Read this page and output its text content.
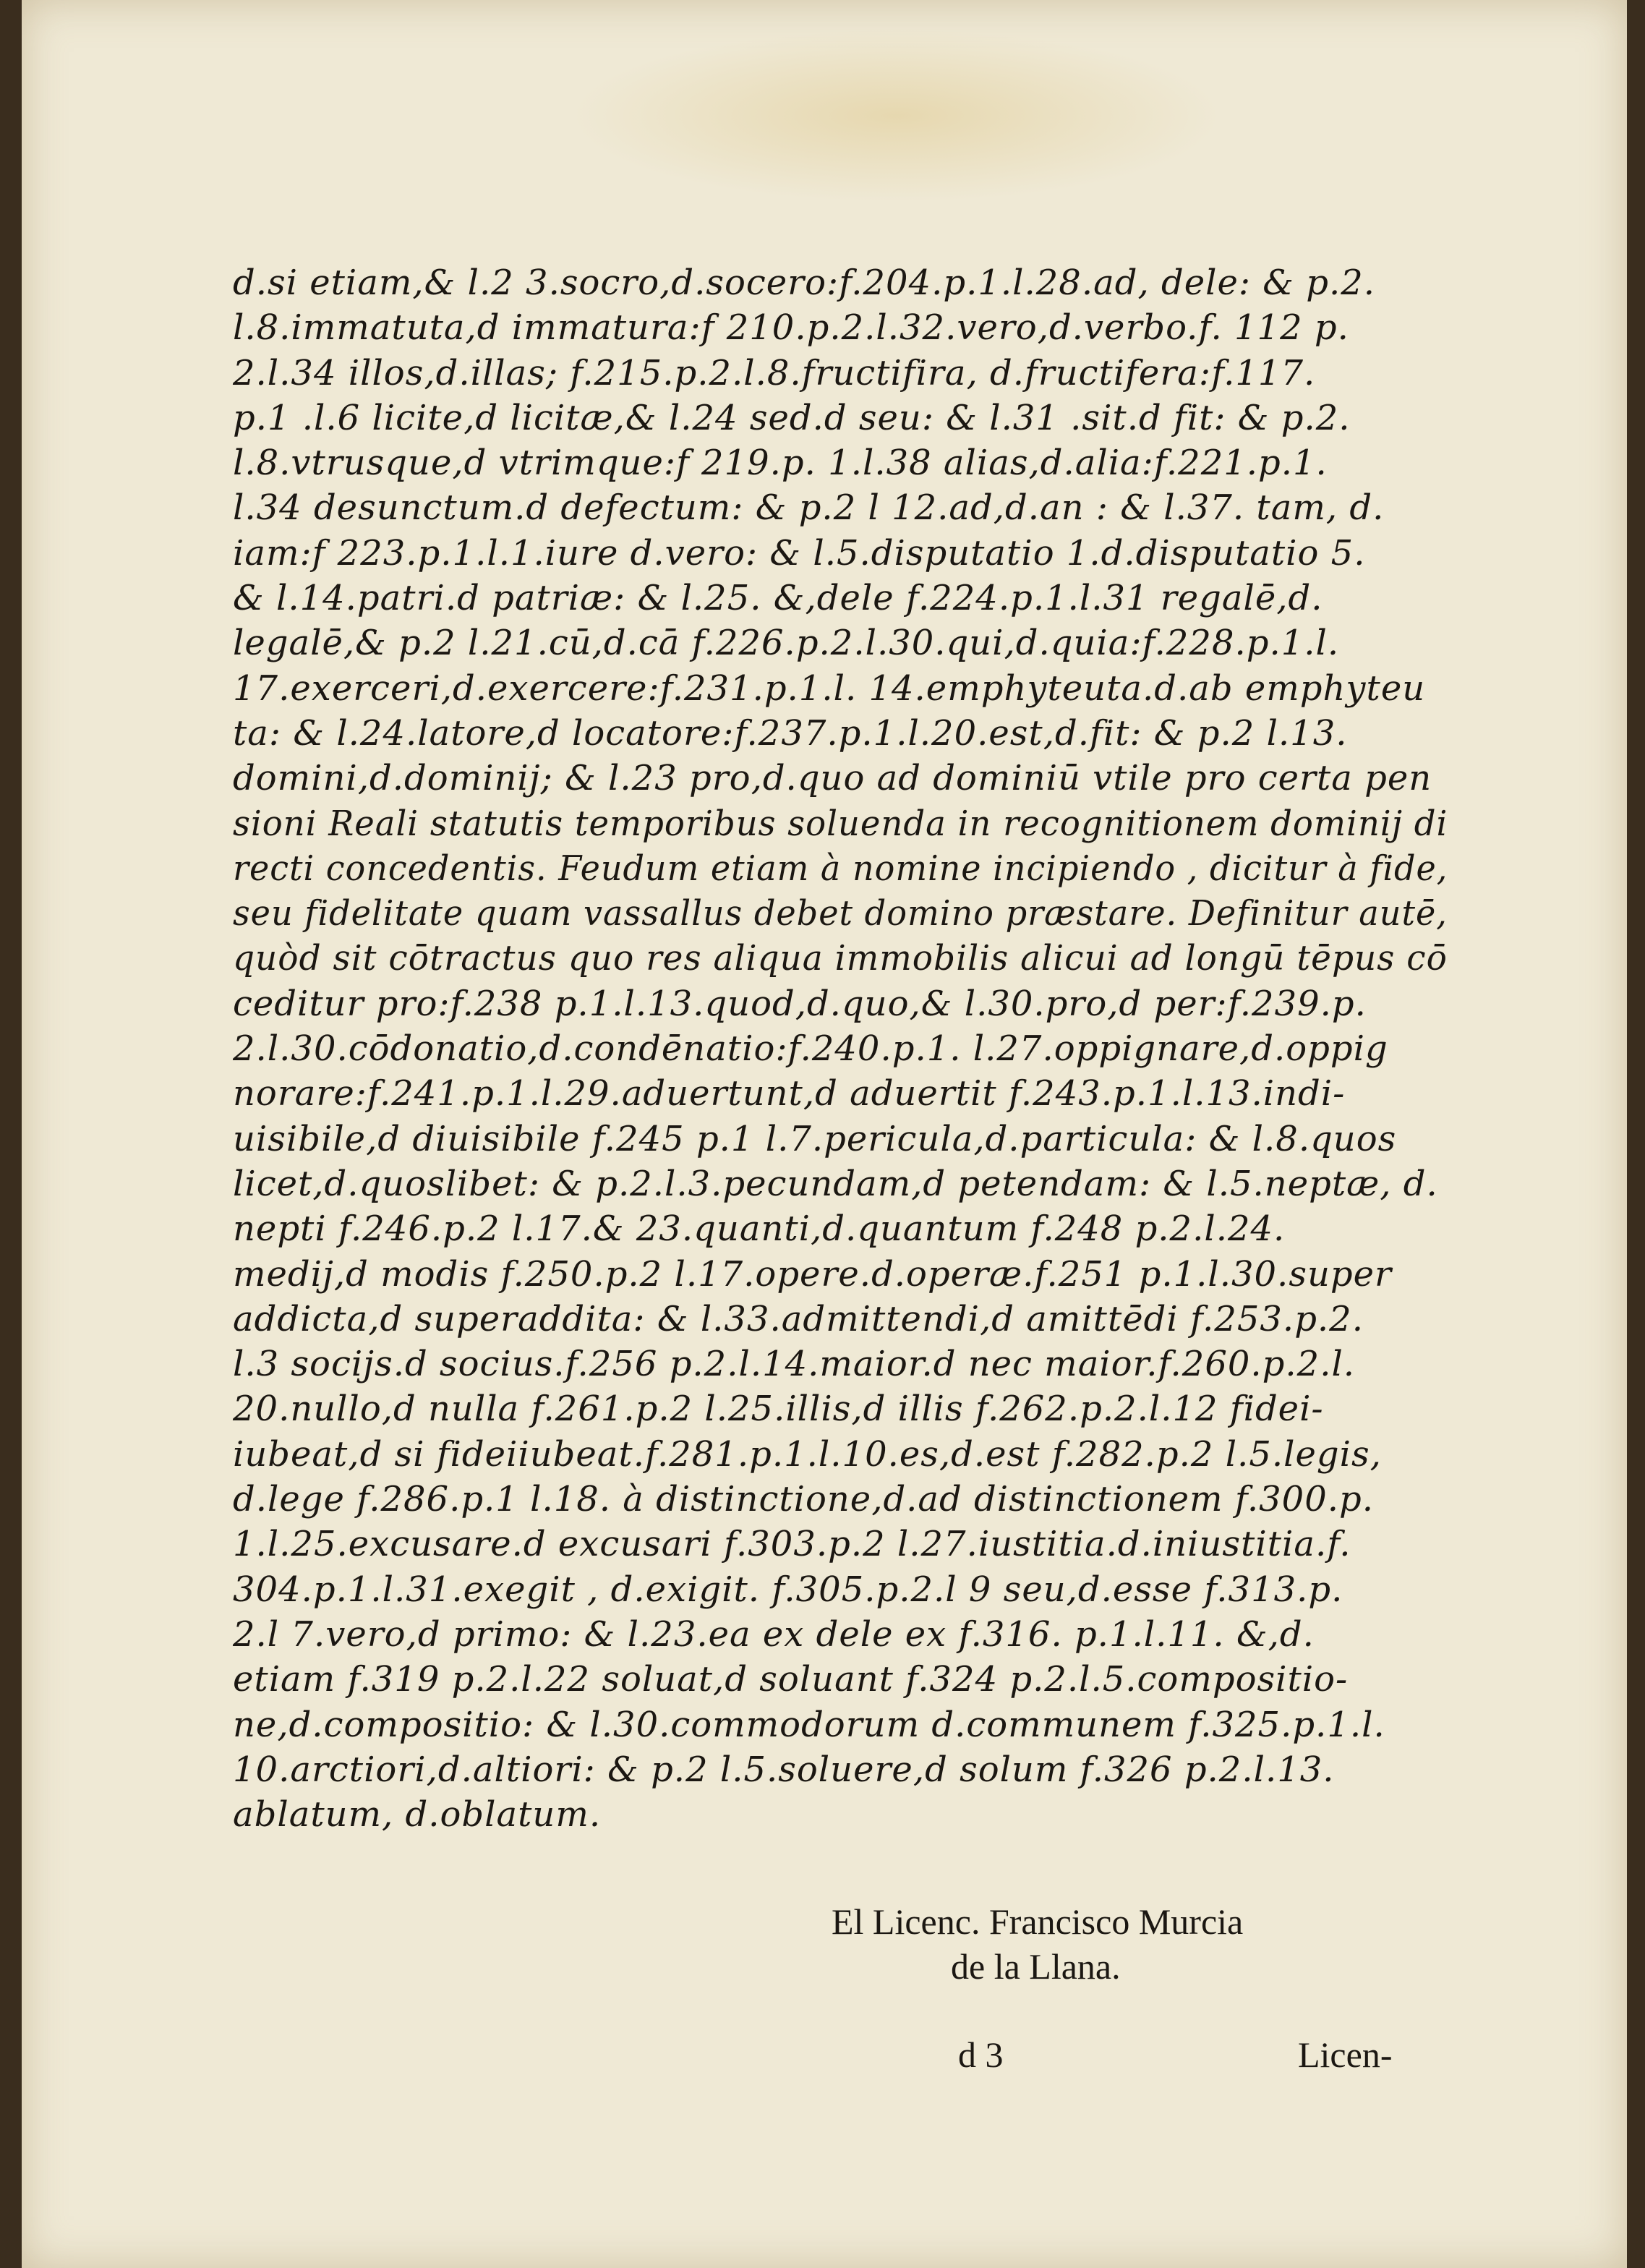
d.si etiam,& l.2 3.socro,d.socero:f.204.p.1.l.28.ad, dele: & p.2.
l.8.immatuta,d immatura:f 210.p.2.l.32.vero,d.verbo.f. 112 p.
2.l.34 illos,d.illas; f.215.p.2.l.8.fructifira, d.fructifera:f.117.
p.1 .l.6 licite,d licitæ,& l.24 sed.d seu: & l.31 .sit.d fit: & p.2.
l.8.vtrusque,d vtrimque:f 219.p. 1.l.38 alias,d.alia:f.221.p.1.
l.34 desunctum.d defectum: & p.2 l 12.ad,d.an : & l.37. tam, d.
iam:f 223.p.1.l.1.iure d.vero: & l.5.disputatio 1.d.disputatio 5.
& l.14.patri.d patriæ: & l.25. &,dele f.224.p.1.l.31 regalē,d.
legalē,& p.2 l.21.cū,d.cā f.226.p.2.l.30.qui,d.quia:f.228.p.1.l.
17.exerceri,d.exercere:f.231.p.1.l. 14.emphyteuta.d.ab emphyteu
ta: & l.24.latore,d locatore:f.237.p.1.l.20.est,d.fit: & p.2 l.13.
domini,d.dominij; & l.23 pro,d.quo ad dominiū vtile pro certa pen
sioni Reali statutis temporibus soluenda in recognitionem dominij di
recti concedentis. Feudum etiam à nomine incipiendo , dicitur à fide,
seu fidelitate quam vassallus debet domino præstare. Definitur autē,
quòd sit cōtractus quo res aliqua immobilis alicui ad longū tēpus cō
ceditur pro:f.238 p.1.l.13.quod,d.quo,& l.30.pro,d per:f.239.p.
2.l.30.cōdonatio,d.condēnatio:f.240.p.1. l.27.oppignare,d.oppig
norare:f.241.p.1.l.29.aduertunt,d aduertit f.243.p.1.l.13.indi-
uisibile,d diuisibile f.245 p.1 l.7.pericula,d.particula: & l.8.quos
licet,d.quoslibet: & p.2.l.3.pecundam,d petendam: & l.5.neptæ, d.
nepti f.246.p.2 l.17.& 23.quanti,d.quantum f.248 p.2.l.24.
medij,d modis f.250.p.2 l.17.opere.d.operæ.f.251 p.1.l.30.super
addicta,d superaddita: & l.33.admittendi,d amittēdi f.253.p.2.
l.3 socijs.d socius.f.256 p.2.l.14.maior.d nec maior.f.260.p.2.l.
20.nullo,d nulla f.261.p.2 l.25.illis,d illis f.262.p.2.l.12 fidei-
iubeat,d si fideiiubeat.f.281.p.1.l.10.es,d.est f.282.p.2 l.5.legis,
d.lege f.286.p.1 l.18. à distinctione,d.ad distinctionem f.300.p.
1.l.25.excusare.d excusari f.303.p.2 l.27.iustitia.d.iniustitia.f.
304.p.1.l.31.exegit , d.exigit. f.305.p.2.l 9 seu,d.esse f.313.p.
2.l 7.vero,d primo: & l.23.ea ex dele ex f.316. p.1.l.11. &,d.
etiam f.319 p.2.l.22 soluat,d soluant f.324 p.2.l.5.compositio-
ne,d.compositio: & l.30.commodorum d.communem f.325.p.1.l.
10.arctiori,d.altiori: & p.2 l.5.soluere,d solum f.326 p.2.l.13.
ablatum, d.oblatum.
El Licenc. Francisco Murcia
de la Llana.
d 3	Licen-
